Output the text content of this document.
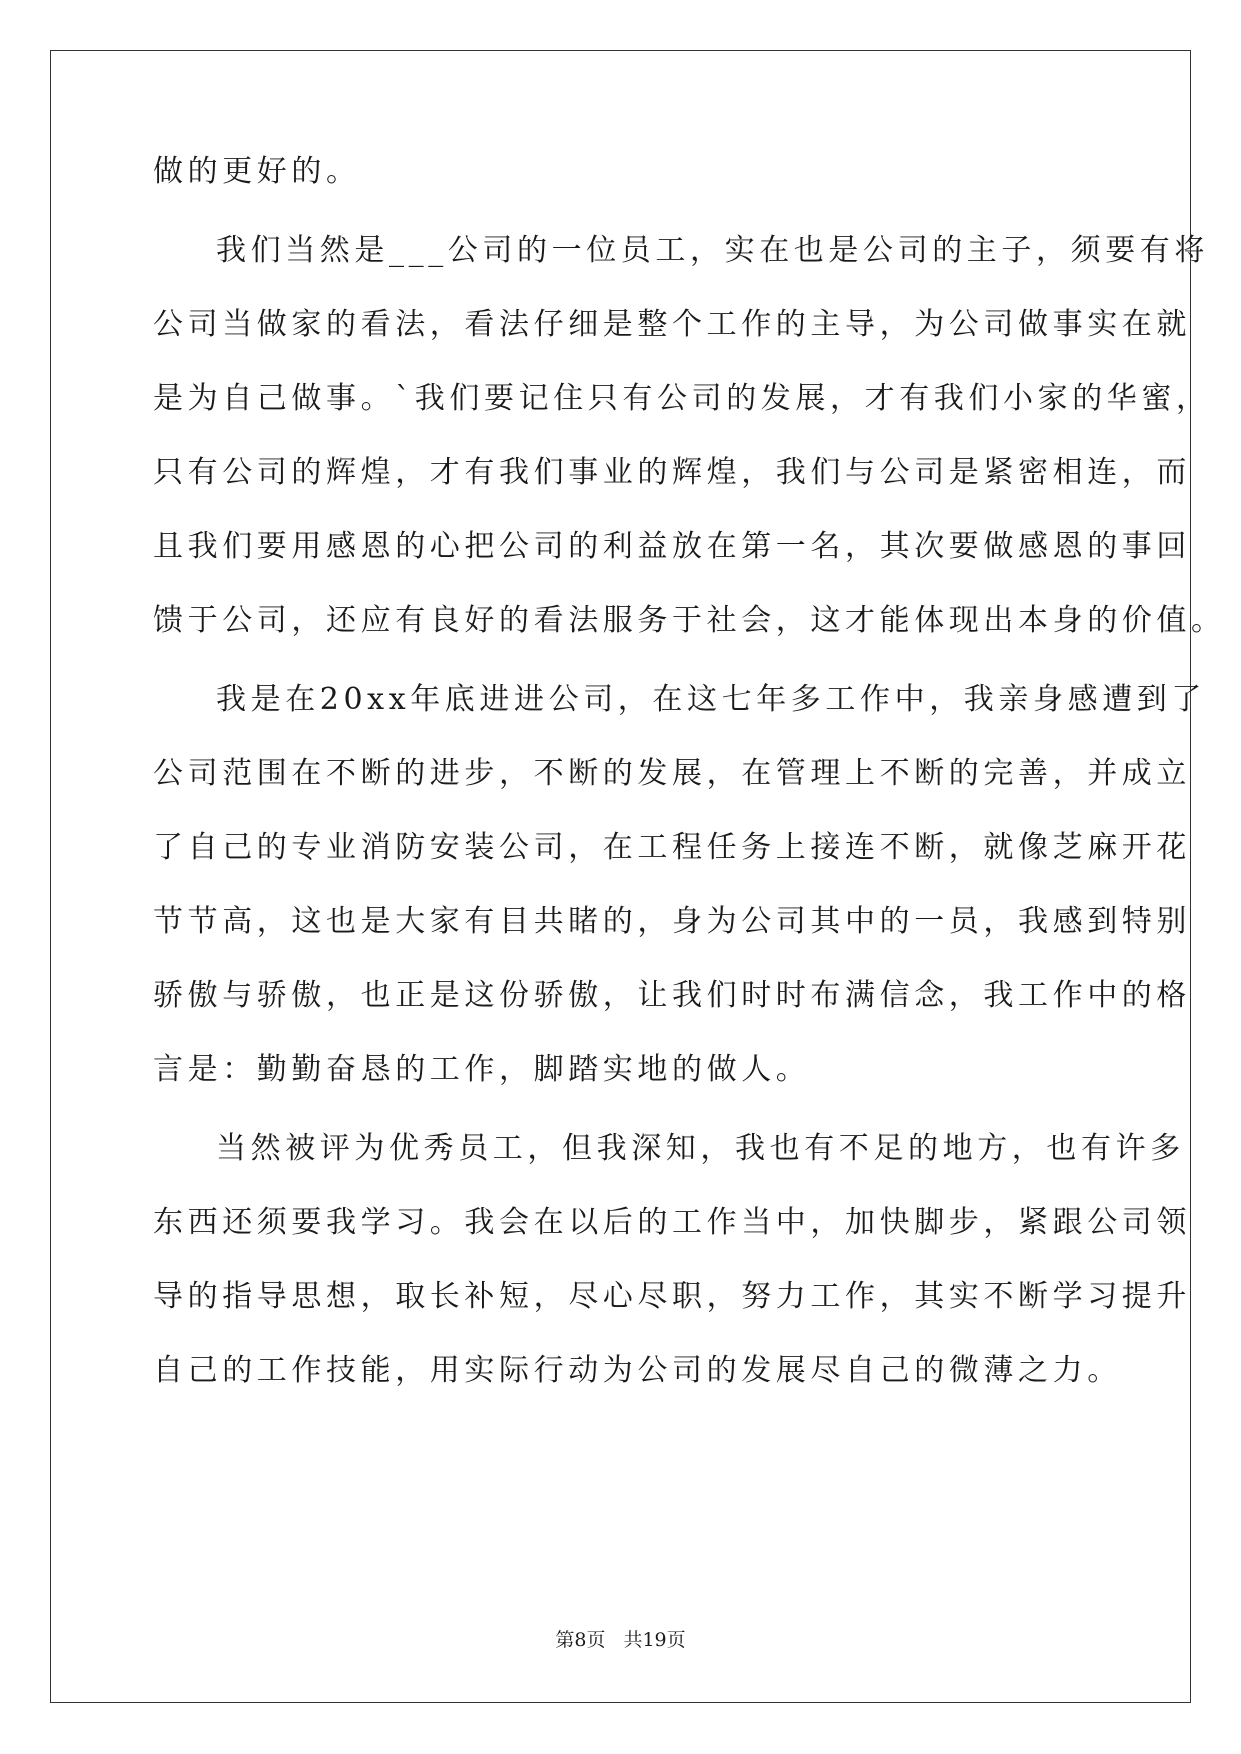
做的更好的。
我们当然是___公司的一位员工，实在也是公司的主子，须要有将
公司当做家的看法，看法仔细是整个工作的主导，为公司做事实在就
是为自己做事。`我们要记住只有公司的发展，才有我们小家的华蜜，
只有公司的辉煌，才有我们事业的辉煌，我们与公司是紧密相连，而
且我们要用感恩的心把公司的利益放在第一名，其次要做感恩的事回
馈于公司，还应有良好的看法服务于社会，这才能体现出本身的价值。
我是在20xx年底进进公司，在这七年多工作中，我亲身感遭到了
公司范围在不断的进步，不断的发展，在管理上不断的完善，并成立
了自己的专业消防安装公司，在工程任务上接连不断，就像芝麻开花
节节高，这也是大家有目共睹的，身为公司其中的一员，我感到特别
骄傲与骄傲，也正是这份骄傲，让我们时时布满信念，我工作中的格
言是：勤勤奋恳的工作，脚踏实地的做人。
当然被评为优秀员工，但我深知，我也有不足的地方，也有许多
东西还须要我学习。我会在以后的工作当中，加快脚步，紧跟公司领
导的指导思想，取长补短，尽心尽职，努力工作，其实不断学习提升
自己的工作技能，用实际行动为公司的发展尽自己的微薄之力。
第8页 共19页
